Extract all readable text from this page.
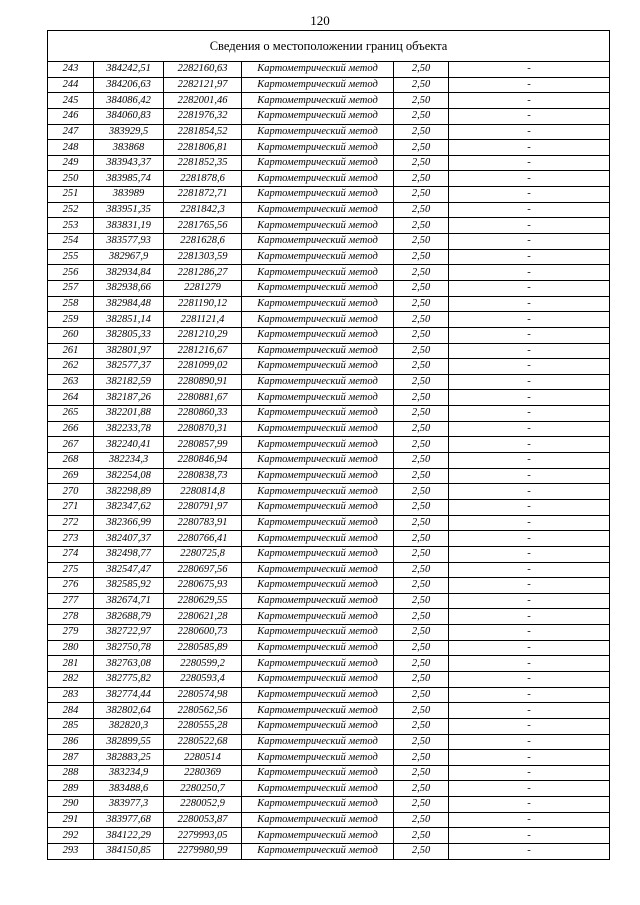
120
Сведения о местоположении границ объекта					
243	384242,51	2282160,63	Картометрический метод	2,50	-
244	384206,63	2282121,97	Картометрический метод	2,50	-
245	384086,42	2282001,46	Картометрический метод	2,50	-
246	384060,83	2281976,32	Картометрический метод	2,50	-
247	383929,5	2281854,52	Картометрический метод	2,50	-
248	383868	2281806,81	Картометрический метод	2,50	-
249	383943,37	2281852,35	Картометрический метод	2,50	-
250	383985,74	2281878,6	Картометрический метод	2,50	-
251	383989	2281872,71	Картометрический метод	2,50	-
252	383951,35	2281842,3	Картометрический метод	2,50	-
253	383831,19	2281765,56	Картометрический метод	2,50	-
254	383577,93	2281628,6	Картометрический метод	2,50	-
255	382967,9	2281303,59	Картометрический метод	2,50	-
256	382934,84	2281286,27	Картометрический метод	2,50	-
257	382938,66	2281279	Картометрический метод	2,50	-
258	382984,48	2281190,12	Картометрический метод	2,50	-
259	382851,14	2281121,4	Картометрический метод	2,50	-
260	382805,33	2281210,29	Картометрический метод	2,50	-
261	382801,97	2281216,67	Картометрический метод	2,50	-
262	382577,37	2281099,02	Картометрический метод	2,50	-
263	382182,59	2280890,91	Картометрический метод	2,50	-
264	382187,26	2280881,67	Картометрический метод	2,50	-
265	382201,88	2280860,33	Картометрический метод	2,50	-
266	382233,78	2280870,31	Картометрический метод	2,50	-
267	382240,41	2280857,99	Картометрический метод	2,50	-
268	382234,3	2280846,94	Картометрический метод	2,50	-
269	382254,08	2280838,73	Картометрический метод	2,50	-
270	382298,89	2280814,8	Картометрический метод	2,50	-
271	382347,62	2280791,97	Картометрический метод	2,50	-
272	382366,99	2280783,91	Картометрический метод	2,50	-
273	382407,37	2280766,41	Картометрический метод	2,50	-
274	382498,77	2280725,8	Картометрический метод	2,50	-
275	382547,47	2280697,56	Картометрический метод	2,50	-
276	382585,92	2280675,93	Картометрический метод	2,50	-
277	382674,71	2280629,55	Картометрический метод	2,50	-
278	382688,79	2280621,28	Картометрический метод	2,50	-
279	382722,97	2280600,73	Картометрический метод	2,50	-
280	382750,78	2280585,89	Картометрический метод	2,50	-
281	382763,08	2280599,2	Картометрический метод	2,50	-
282	382775,82	2280593,4	Картометрический метод	2,50	-
283	382774,44	2280574,98	Картометрический метод	2,50	-
284	382802,64	2280562,56	Картометрический метод	2,50	-
285	382820,3	2280555,28	Картометрический метод	2,50	-
286	382899,55	2280522,68	Картометрический метод	2,50	-
287	382883,25	2280514	Картометрический метод	2,50	-
288	383234,9	2280369	Картометрический метод	2,50	-
289	383488,6	2280250,7	Картометрический метод	2,50	-
290	383977,3	2280052,9	Картометрический метод	2,50	-
291	383977,68	2280053,87	Картометрический метод	2,50	-
292	384122,29	2279993,05	Картометрический метод	2,50	-
293	384150,85	2279980,99	Картометрический метод	2,50	-
